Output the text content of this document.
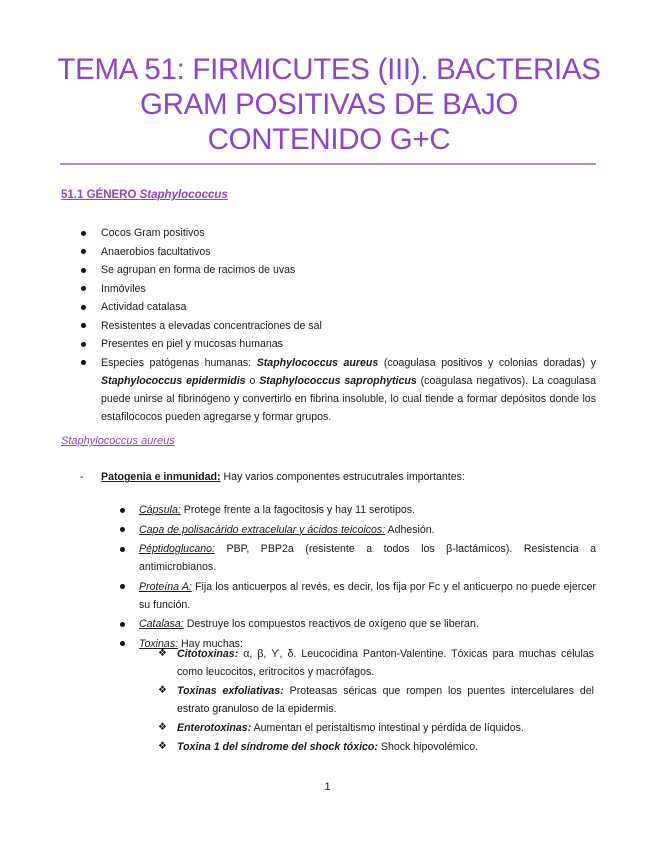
TEMA 51: FIRMICUTES (III). BACTERIAS GRAM POSITIVAS DE BAJO CONTENIDO G+C
51.1 GÉNERO Staphylococcus
Cocos Gram positivos
Anaerobios facultativos
Se agrupan en forma de racimos de uvas
Inmóviles
Actividad catalasa
Resistentes a elevadas concentraciones de sal
Presentes en piel y mucosas humanas
Especies patógenas humanas: Staphylococcus aureus (coagulasa positivos y colonias doradas) y Staphylococcus epidermidis o Staphylococcus saprophyticus (coagulasa negativos). La coagulasa puede unirse al fibrinógeno y convertirlo en fibrina insoluble, lo cual tiende a formar depósitos donde los estafilococos pueden agregarse y formar grupos.
Staphylococcus aureus
- Patogenia e inmunidad: Hay varios componentes estrucutrales importantes:
Cápsula: Protege frente a la fagocitosis y hay 11 serotipos.
Capa de polisacárido extracelular y ácidos teicoicos: Adhesión.
Péptidoglucano: PBP, PBP2a (resistente a todos los β-lactámicos). Resistencia a antimicrobianos.
Proteína A: Fija los anticuerpos al revés, es decir, los fija por Fc y el anticuerpo no puede ejercer su función.
Catalasa: Destruye los compuestos reactivos de oxígeno que se liberan.
Toxinas: Hay muchas:
❖ Citotoxinas: α, β, ϒ, δ. Leucocidina Panton-Valentine. Tóxicas para muchas células como leucocitos, eritrocitos y macrófagos.
❖ Toxinas exfoliativas: Proteasas séricas que rompen los puentes intercelulares del estrato granuloso de la epidermis.
❖ Enterotoxinas: Aumentan el peristaltismo intestinal y pérdida de líquidos.
❖ Toxina 1 del síndrome del shock tóxico: Shock hipovolémico.
1
